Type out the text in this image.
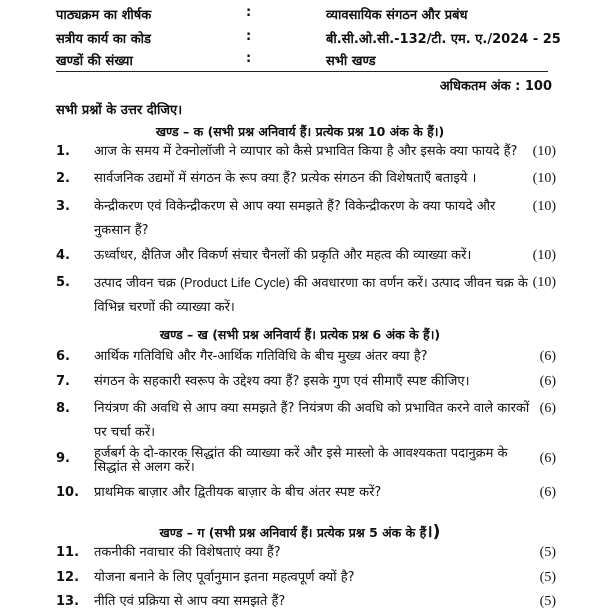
पाठ्यक्रम का शीर्षक	:	व्यावसायिक संगठन और प्रबंध
सत्रीय कार्य का कोड	:	बी.सी.ओ.सी.-132/टी. एम. ए./2024 - 25
खण्डों की संख्या	:	सभी खण्ड
अधिकतम अंक : 100
सभी प्रश्नों के उत्तर दीजिए।
खण्ड – क (सभी प्रश्न अनिवार्य हैं। प्रत्येक प्रश्न 10 अंक के हैं।)
1. आज के समय में टेक्नोलॉजी ने व्यापार को कैसे प्रभावित किया है और इसके क्या फायदे हैं?	(10)
2. सार्वजनिक उद्यमों में संगठन के रूप क्या हैं? प्रत्येक संगठन की विशेषताएँ बताइये ।	(10)
3. केन्द्रीकरण एवं विकेन्द्रीकरण से आप क्या समझते हैं? विकेन्द्रीकरण के क्या फायदे और नुकसान हैं?
(10)
4. ऊर्ध्वाधर, क्षैतिज और विकर्ण संचार चैनलों की प्रकृति और महत्व की व्याख्या करें।	(10)
5. उत्पाद जीवन चक्र (Product Life Cycle) की अवधारणा का वर्णन करें। उत्पाद जीवन चक्र के विभिन्न चरणों की व्याख्या करें।
(10)
खण्ड – ख (सभी प्रश्न अनिवार्य हैं। प्रत्येक प्रश्न 6 अंक के हैं।)
6. आर्थिक गतिविधि और गैर-आर्थिक गतिविधि के बीच मुख्य अंतर क्या है?	(6)
7. संगठन के सहकारी स्वरूप के उद्देश्य क्या हैं? इसके गुण एवं सीमाएँ स्पष्ट कीजिए।	(6)
8. नियंत्रण की अवधि से आप क्या समझते हैं? नियंत्रण की अवधि को प्रभावित करने वाले कारकों पर चर्चा करें।
(6)
9. हर्जबर्ग के दो-कारक सिद्धांत की व्याख्या करें और इसे मास्लो के आवश्यकता पदानुक्रम के सिद्धांत से अलग करें।
(6)
10. प्राथमिक बाज़ार और द्वितीयक बाज़ार के बीच अंतर स्पष्ट करें?	(6)
खण्ड – ग (सभी प्रश्न अनिवार्य हैं। प्रत्येक प्रश्न 5 अंक के हैं।)
11. तकनीकी नवाचार की विशेषताएं क्या हैं?	(5)
12. योजना बनाने के लिए पूर्वानुमान इतना महत्वपूर्ण क्यों है?	(5)
13. नीति एवं प्रक्रिया से आप क्या समझते हैं?	(5)
